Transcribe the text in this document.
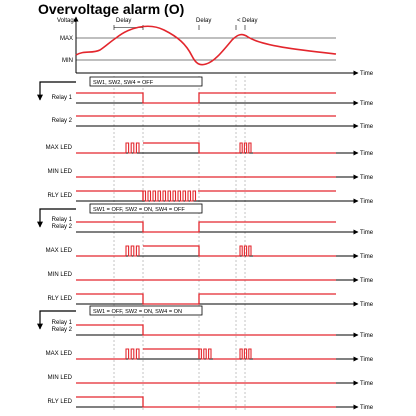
Overvoltage alarm (O)
Voltage
MAX
MIN
Delay	Delay	< Delay
Time
SW1, SW2, SW4 = OFF
Relay 1
Time
Relay 2
Time
MAX LED
Time
MIN LED
Time
RLY LED
Time
SW1 = OFF, SW2 = ON, SW4 = OFF
Relay 1
Relay 2
Time
MAX LED
Time
MIN LED
Time
RLY LED
Time
SW1 = OFF, SW2 = ON, SW4 = ON
Relay 1
Relay 2
Time
MAX LED
Time
MIN LED
Time
RLY LED
Time
